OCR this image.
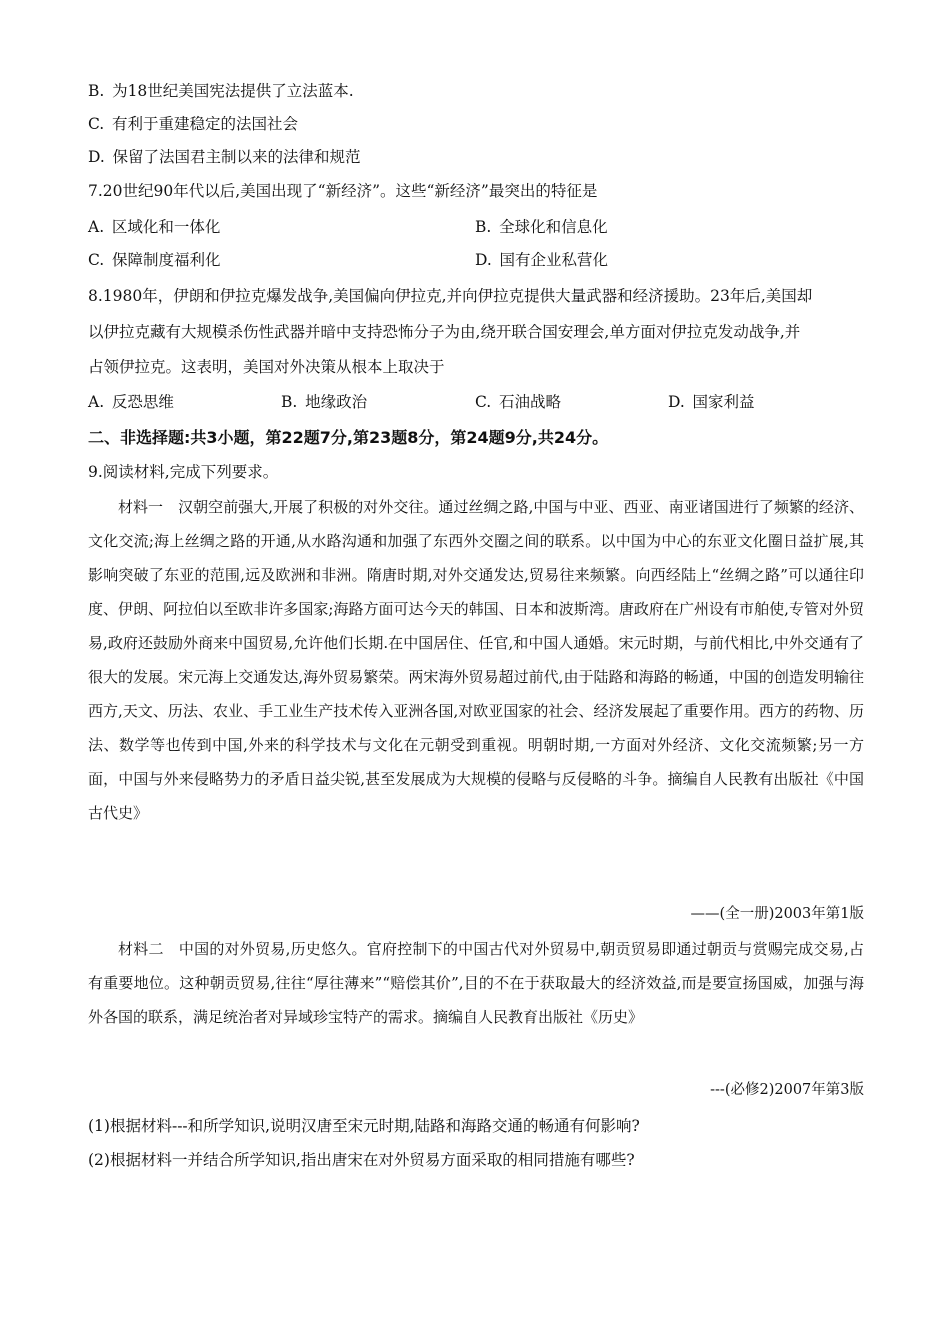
B. 为18世纪美国宪法提供了立法蓝本.
C. 有利于重建稳定的法国社会
D. 保留了法国君主制以来的法律和规范
7.20世纪90年代以后,美国出现了“新经济”。这些“新经济”最突出的特征是
A. 区域化和一体化	B. 全球化和信息化
C. 保障制度福利化	D. 国有企业私营化
8.1980年，伊朗和伊拉克爆发战争,美国偏向伊拉克,并向伊拉克提供大量武器和经济援助。23年后,美国却
以伊拉克藏有大规模杀伤性武器并暗中支持恐怖分子为由,绕开联合国安理会,单方面对伊拉克发动战争,并
占领伊拉克。这表明，美国对外决策从根本上取决于
A. 反恐思维	B. 地缘政治	C. 石油战略	D. 国家利益
二、非选择题:共3小题，第22题7分,第23题8分，第24题9分,共24分。
9.阅读材料,完成下列要求。

材料一 汉朝空前强大,开展了积极的对外交往。通过丝绸之路,中国与中亚、西亚、南亚诸国进行了频繁的经济、文化交流;海上丝绸之路的开通,从水路沟通和加强了东西外交圈之间的联系。以中国为中心的东亚文化圈日益扩展,其影响突破了东亚的范围,远及欧洲和非洲。隋唐时期,对外交通发达,贸易往来频繁。向西经陆上“丝绸之路”可以通往印度、伊朗、阿拉伯以至欧非许多国家;海路方面可达今天的韩国、日本和波斯湾。唐政府在广州设有市舶使,专管对外贸易,政府还鼓励外商来中国贸易,允许他们长期.在中国居住、任官,和中国人通婚。宋元时期，与前代相比,中外交通有了很大的发展。宋元海上交通发达,海外贸易繁荣。两宋海外贸易超过前代,由于陆路和海路的畅通，中国的创造发明输往西方,天文、历法、农业、手工业生产技术传入亚洲各国,对欧亚国家的社会、经济发展起了重要作用。西方的药物、历法、数学等也传到中国,外来的科学技术与文化在元朝受到重视。明朝时期,一方面对外经济、文化交流频繁;另一方面，中国与外来侵略势力的矛盾日益尖锐,甚至发展成为大规模的侵略与反侵略的斗争。摘编自人民教有出版社《中国古代史》

——(全一册)2003年第1版

材料二 中国的对外贸易,历史悠久。官府控制下的中国古代对外贸易中,朝贡贸易即通过朝贡与赏赐完成交易,占有重要地位。这种朝贡贸易,往往“厚往薄来”“赔偿其价”,目的不在于获取最大的经济效益,而是要宣扬国威，加强与海外各国的联系，满足统治者对异域珍宝特产的需求。摘编自人民教育出版社《历史》

---(必修2)2007年第3版
(1)根据材料---和所学知识,说明汉唐至宋元时期,陆路和海路交通的畅通有何影响?
(2)根据材料一并结合所学知识,指出唐宋在对外贸易方面采取的相同措施有哪些?
